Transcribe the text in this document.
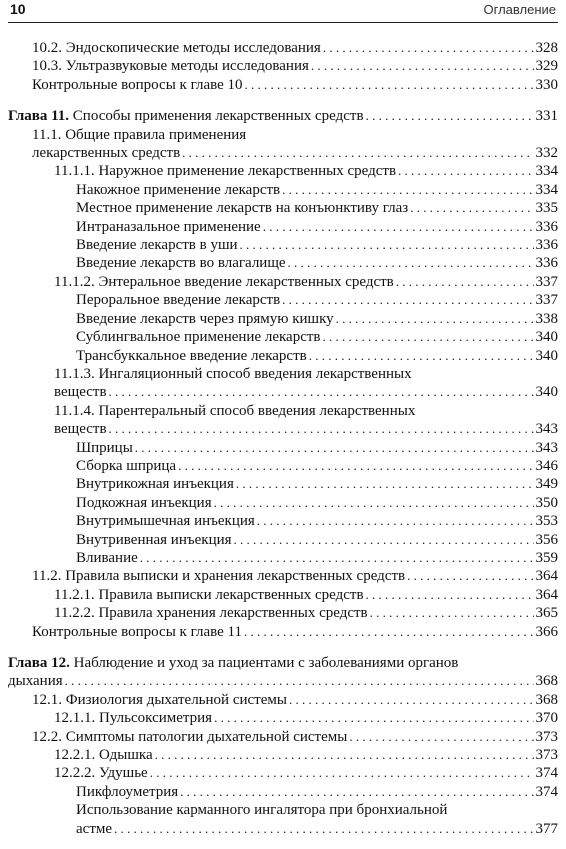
10	Оглавление
10.2. Эндоскопические методы исследования . . .	328
10.3. Ультразвуковые методы исследования . . .	329
Контрольные вопросы к главе 10 . . .	330
Глава 11. Способы применения лекарственных средств . . .	331
11.1. Общие правила применения
лекарственных средств . . .	332
11.1.1. Наружное применение лекарственных средств . . .	334
Накожное применение лекарств . . .	334
Местное применение лекарств на конъюнктиву глаз . . .	335
Интраназальное применение . . .	336
Введение лекарств в уши . . .	336
Введение лекарств во влагалище . . .	336
11.1.2. Энтеральное введение лекарственных средств . . .	337
Пероральное введение лекарств . . .	337
Введение лекарств через прямую кишку . . .	338
Сублингвальное применение лекарств . . .	340
Трансбуккальное введение лекарств . . .	340
11.1.3. Ингаляционный способ введения лекарственных
веществ . . .	340
11.1.4. Парентеральный способ введения лекарственных
веществ . . .	343
Шприцы . . .	343
Сборка шприца . . .	346
Внутрикожная инъекция . . .	349
Подкожная инъекция . . .	350
Внутримышечная инъекция . . .	353
Внутривенная инъекция . . .	356
Вливание . . .	359
11.2. Правила выписки и хранения лекарственных средств . . .	364
11.2.1. Правила выписки лекарственных средств . . .	364
11.2.2. Правила хранения лекарственных средств . . .	365
Контрольные вопросы к главе 11 . . .	366
Глава 12. Наблюдение и уход за пациентами с заболеваниями органов
дыхания . . .	368
12.1. Физиология дыхательной системы . . .	368
12.1.1. Пульсоксиметрия . . .	370
12.2. Симптомы патологии дыхательной системы . . .	373
12.2.1. Одышка . . .	373
12.2.2. Удушье . . .	374
Пикфлоуметрия . . .	374
Использование карманного ингалятора при бронхиальной
астме . . .	377
